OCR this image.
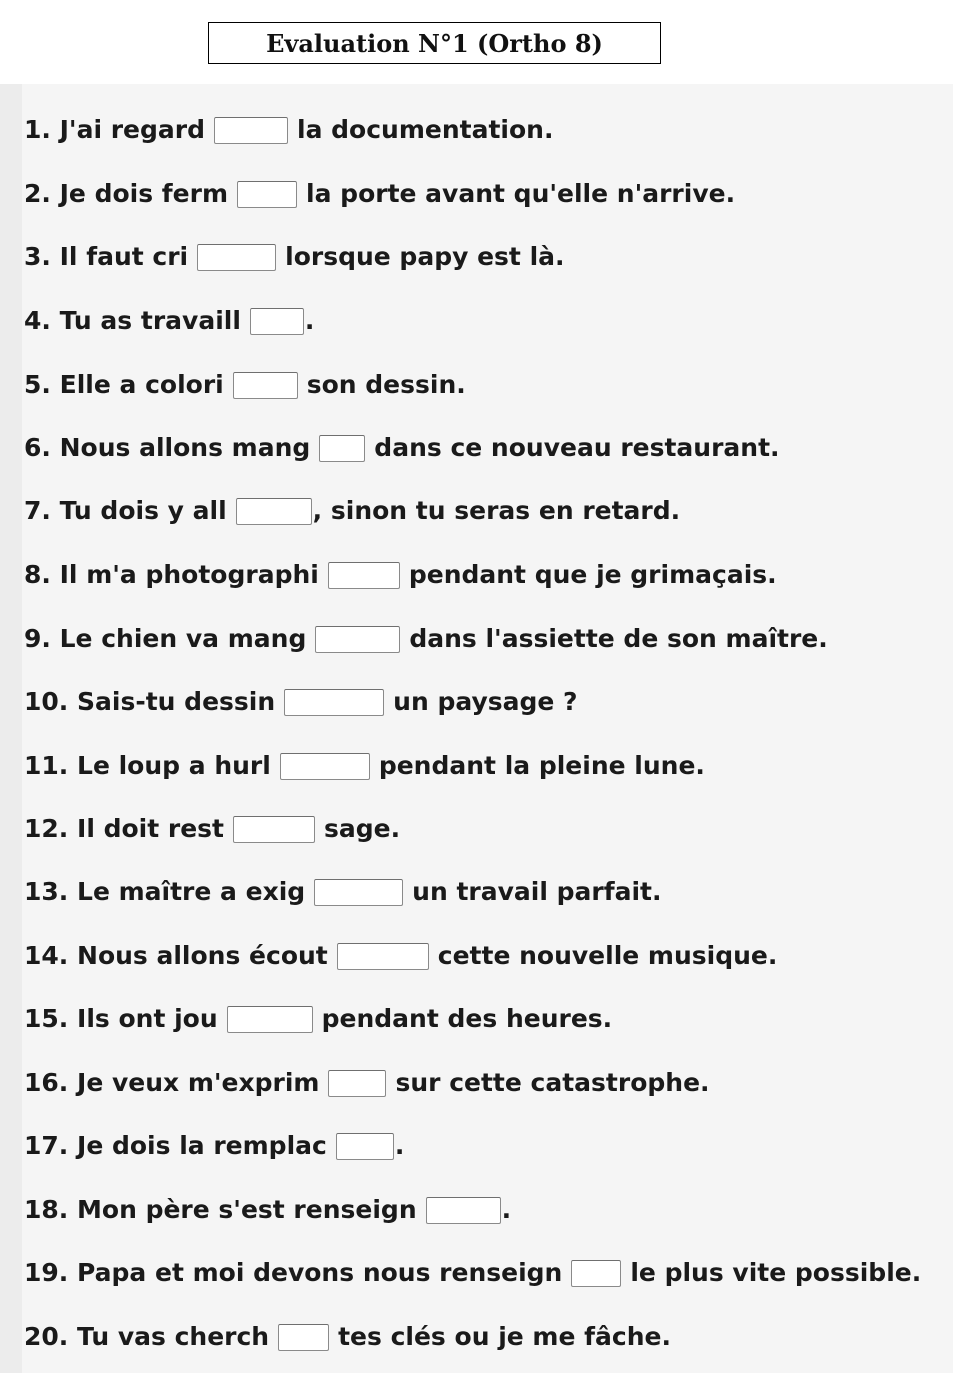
Evaluation N°1 (Ortho 8)
1.
J'ai regard	la documentation.
2.
Je dois ferm	la porte avant qu'elle n'arrive.
3.
Il faut cri	lorsque papy est là.
4.
Tu as travaill	.
5.
Elle a colori	son dessin.
6.
Nous allons mang	dans ce nouveau restaurant.
7.
Tu dois y all	, sinon tu seras en retard.
8.
Il m'a photographi	pendant que je grimaçais.
9.
Le chien va mang	dans l'assiette de son maître.
10.
Sais-tu dessin	un paysage ?
11.
Le loup a hurl	pendant la pleine lune.
12.
Il doit rest	sage.
13.
Le maître a exig	un travail parfait.
14.
Nous allons écout	cette nouvelle musique.
15.
Ils ont jou	pendant des heures.
16.
Je veux m'exprim	sur cette catastrophe.
17.
Je dois la remplac	.
18.
Mon père s'est renseign	.
19.
Papa et moi devons nous renseign	le plus vite possible.
20.
Tu vas cherch	tes clés ou je me fâche.
